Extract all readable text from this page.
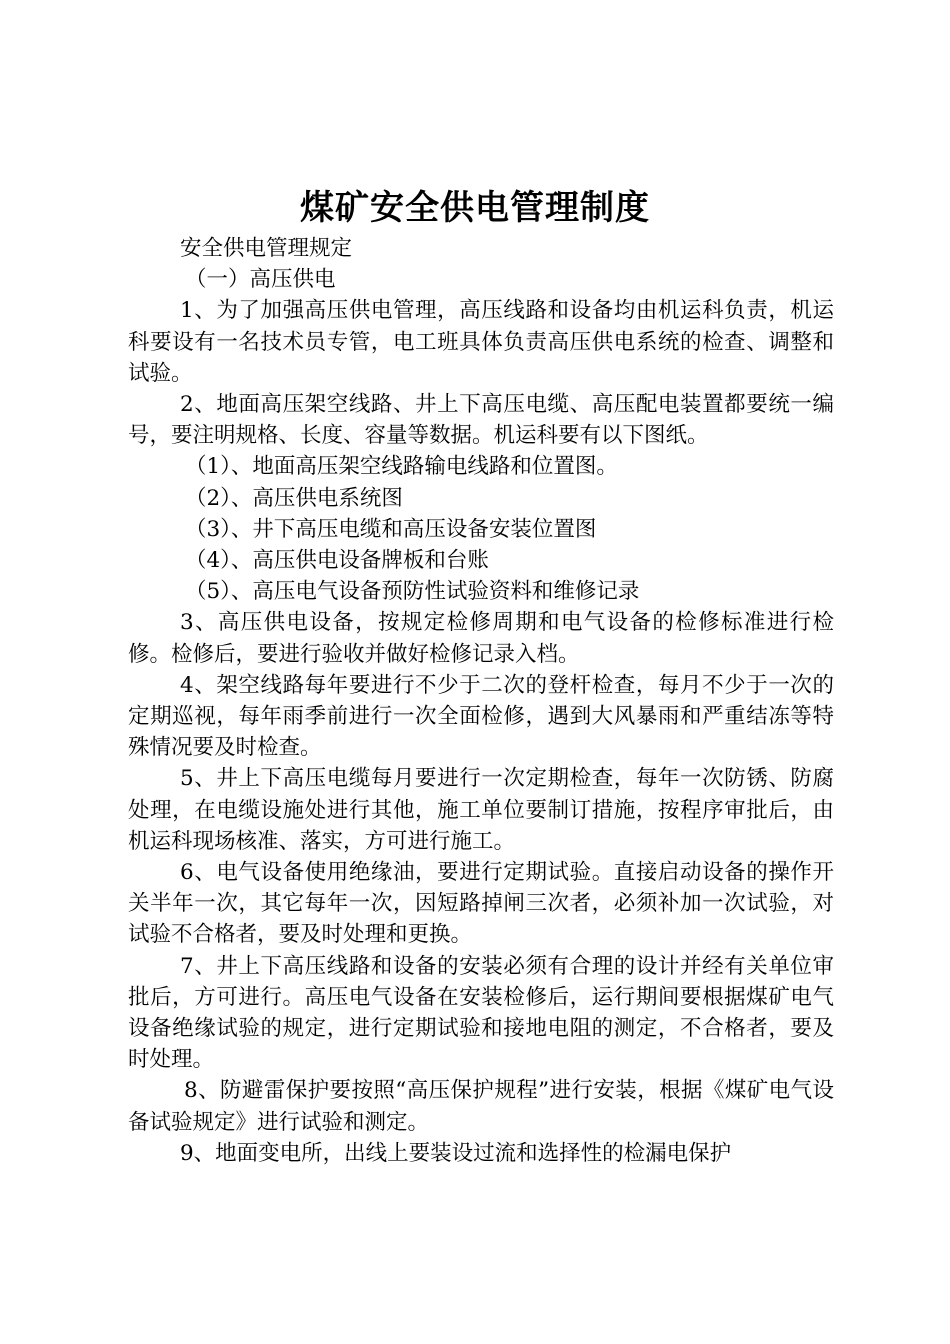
煤矿安全供电管理制度

安全供电管理规定

（一）高压供电

1、为了加强高压供电管理，高压线路和设备均由机运科负责，机运科要设有一名技术员专管，电工班具体负责高压供电系统的检查、调整和试验。

2、地面高压架空线路、井上下高压电缆、高压配电装置都要统一编号，要注明规格、长度、容量等数据。机运科要有以下图纸。

（1）、地面高压架空线路输电线路和位置图。

（2）、高压供电系统图

（3）、井下高压电缆和高压设备安装位置图

（4）、高压供电设备牌板和台账

（5）、高压电气设备预防性试验资料和维修记录

3、高压供电设备，按规定检修周期和电气设备的检修标准进行检修。检修后，要进行验收并做好检修记录入档。

4、架空线路每年要进行不少于二次的登杆检查，每月不少于一次的定期巡视，每年雨季前进行一次全面检修，遇到大风暴雨和严重结冻等特殊情况要及时检查。

5、井上下高压电缆每月要进行一次定期检查，每年一次防锈、防腐处理，在电缆设施处进行其他，施工单位要制订措施，按程序审批后，由机运科现场核准、落实，方可进行施工。

6、电气设备使用绝缘油，要进行定期试验。直接启动设备的操作开关半年一次，其它每年一次，因短路掉闸三次者，必须补加一次试验，对试验不合格者，要及时处理和更换。

7、井上下高压线路和设备的安装必须有合理的设计并经有关单位审批后，方可进行。高压电气设备在安装检修后，运行期间要根据煤矿电气设备绝缘试验的规定，进行定期试验和接地电阻的测定，不合格者，要及时处理。

8、防避雷保护要按照“高压保护规程”进行安装，根据《煤矿电气设备试验规定》进行试验和测定。

9、地面变电所，出线上要装设过流和选择性的检漏电保护
